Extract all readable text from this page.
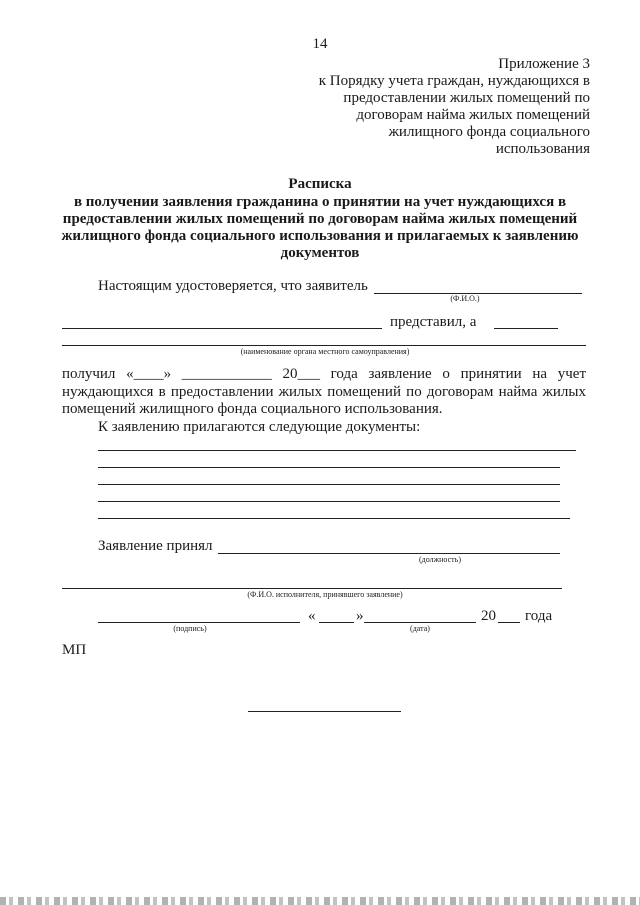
14
Приложение 3
к Порядку учета граждан, нуждающихся в
предоставлении жилых помещений по
договорам найма жилых помещений
жилищного фонда социального
использования
Расписка
в получении заявления гражданина о принятии на учет нуждающихся в
предоставлении жилых помещений по договорам найма жилых помещений
жилищного фонда социального использования и прилагаемых к заявлению
документов
Настоящим удостоверяется, что заявитель
(Ф.И.О.)
представил, а
(наименование органа местного самоуправления)
получил «____» ____________ 20___ года заявление о принятии на учет
нуждающихся в предоставлении жилых помещений по договорам найма жилых
помещений жилищного фонда социального использования.
К заявлению прилагаются следующие документы:
Заявление принял
(должность)
(Ф.И.О. исполнителя, принявшего заявление)
(подпись)
«	»
(дата)
20 года
МП
